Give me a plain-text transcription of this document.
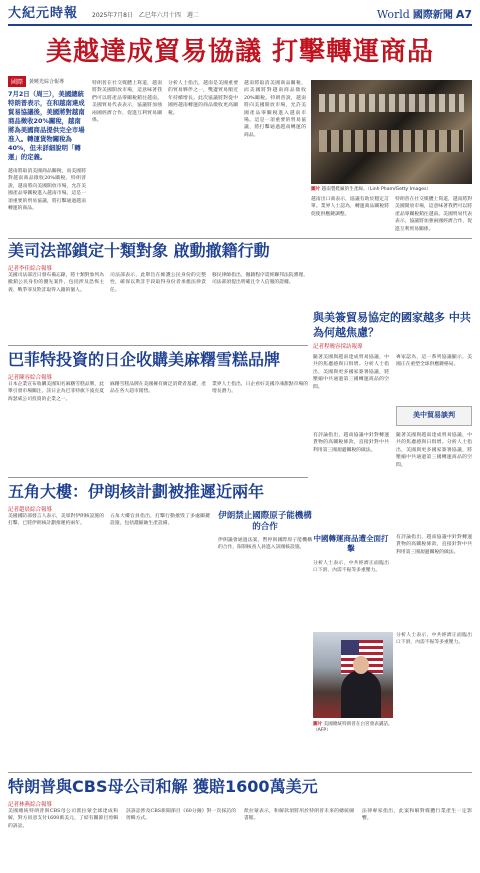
大紀元時報 2025年7月8日　乙巳年六月十四　週二	World 國際新聞 A7
美越達成貿易協議 打擊轉運商品
國際	黃曉光綜合報導

7月2日（周三），美國總統特朗普表示，在和越南達成貿易協議後，美國將對越南商品徵收20%關稅，越南將為美國商品提供完全市場准入。轉運貨物關稅為40%，但未詳細說明「轉運」的定義。

越南將取消美國商品關稅，而美國將對越南商品徵收20%關稅。特朗普說，越南將向美國開放市場，允許美國產品零關稅進入越南市場。這是一項重要的貿易協議，將打擊通過越南轉運的商品。

特朗普在社交媒體上寫道，越南將對美國開放市場，這意味著我們可以將產品零關稅銷往越南。美國貿易代表表示，協議將加強兩國經濟合作，促進互利貿易關係。

分析人士指出，越南是美國重要的貿易夥伴之一，雙邊貿易額近年持續增長。此次協議將對從中國經越南轉運的商品徵收更高關稅。

越南將取消美國商品關稅，而美國將對越南商品徵收20%關稅。特朗普說，越南將向美國開放市場，允許美國產品零關稅進入越南市場。這是一項重要的貿易協議，將打擊通過越南轉運的商品。

圖片 越南製鞋廠的生產線。（Linh Pham/Getty Images）

越南出口商表示，協議有助於穩定訂單。業界人士認為，轉運商品關稅將促使供應鏈調整。

特朗普在社交媒體上寫道，越南將對美國開放市場，這意味著我們可以將產品零關稅銷往越南。美國貿易代表表示，協議將加強兩國經濟合作，促進互利貿易關係。

美司法部鎖定十類對象 啟動撤籍行動
記者李佳綜合報導

美國司法部近日發布備忘錄，將十類對象列為撤銷公民身份的優先案件，包括涉及恐怖主義、戰爭罪及欺詐取得入籍的個人。

司法部表示，此舉旨在維護公民身份的完整性，確保以欺詐手段取得身份者承擔法律責任。

移民律師指出，撤籍程序需經聯邦法院審理，司法部須提出明確且令人信服的證據。

巴菲特投資的日企收購美麻糬雪糕品牌
記者陳容綜合報導

日本企業宣布收購美國知名麻糬雪糕品牌，此舉引發市場關注。該日企為巴菲特旗下波克夏海瑟威公司投資的企業之一。

麻糬雪糕品牌在美國擁有廣泛消費者基礎，產品在各大超市銷售。

業界人士指出，日企看好美國冷凍甜點市場的增長潛力。

五角大樓：伊朗核計劃被推遲近兩年
記者趙晨綜合報導

美國國防部發言人表示，美軍對伊朗核設施的打擊，已將伊朗核計劃推遲約兩年。

五角大樓官員指出，打擊行動摧毀了多處關鍵設施，包括濃縮鈾生產設備。

伊朗禁止國際原子能機構的合作

伊朗議會通過法案，暫停與國際原子能機構的合作，限制核查人員進入該國核設施。

與美簽貿易協定的國家越多 中共為何越焦慮？
記者程曉容採訪報導

隨著美國與越南達成貿易協議，中共的焦慮感與日俱增。分析人士指出，美國與更多國家簽署協議，將壓縮中共通過第三國轉運商品的空間。

專家認為，這一系列協議顯示，美國正在重塑全球供應鏈格局。

美中貿易談判

有評論指出，越南協議中針對轉運貨物的高關稅條款，直接針對中共利用第三國規避關稅的做法。

隨著美國與越南達成貿易協議，中共的焦慮感與日俱增。分析人士指出，美國與更多國家簽署協議，將壓縮中共通過第三國轉運商品的空間。

中國轉運商品遭全面打擊

分析人士表示，中共經濟正面臨出口下滑、內需不振等多重壓力。

有評論指出，越南協議中針對轉運貨物的高關稅條款，直接針對中共利用第三國規避關稅的做法。

圖片 美國總統特朗普在白宮發表講話。（AFP）

分析人士表示，中共經濟正面臨出口下滑、內需不振等多重壓力。

特朗普與CBS母公司和解 獲賠1600萬美元
記者林燕綜合報導

美國總統特朗普與CBS母公司派拉蒙全球達成和解，對方同意支付1600萬美元，了結有關節目剪輯的訴訟。

該訴訟涉及CBS新聞節目《60分鐘》對一次採訪的剪輯方式。

派拉蒙表示，和解款項將用於特朗普未來的總統圖書館。

法律專家指出，此案和解對媒體行業產生一定影響。
